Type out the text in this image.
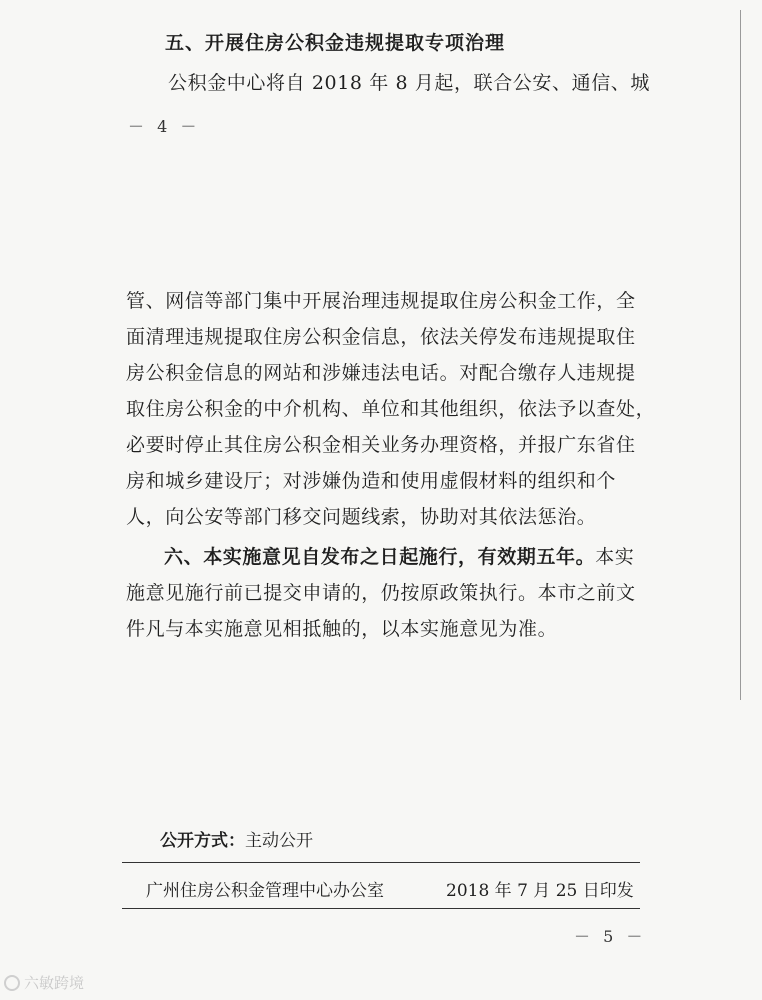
五、开展住房公积金违规提取专项治理
公积金中心将自 2018 年 8 月起，联合公安、通信、城
－ 4 －
管、网信等部门集中开展治理违规提取住房公积金工作，全
面清理违规提取住房公积金信息，依法关停发布违规提取住
房公积金信息的网站和涉嫌违法电话。对配合缴存人违规提
取住房公积金的中介机构、单位和其他组织，依法予以查处，
必要时停止其住房公积金相关业务办理资格，并报广东省住
房和城乡建设厅；对涉嫌伪造和使用虚假材料的组织和个
人，向公安等部门移交问题线索，协助对其依法惩治。
六、本实施意见自发布之日起施行，有效期五年。本实
施意见施行前已提交申请的，仍按原政策执行。本市之前文
件凡与本实施意见相抵触的，以本实施意见为准。
公开方式：主动公开
广州住房公积金管理中心办公室	2018 年 7 月 25 日印发
－ 5 －
六敏跨境
